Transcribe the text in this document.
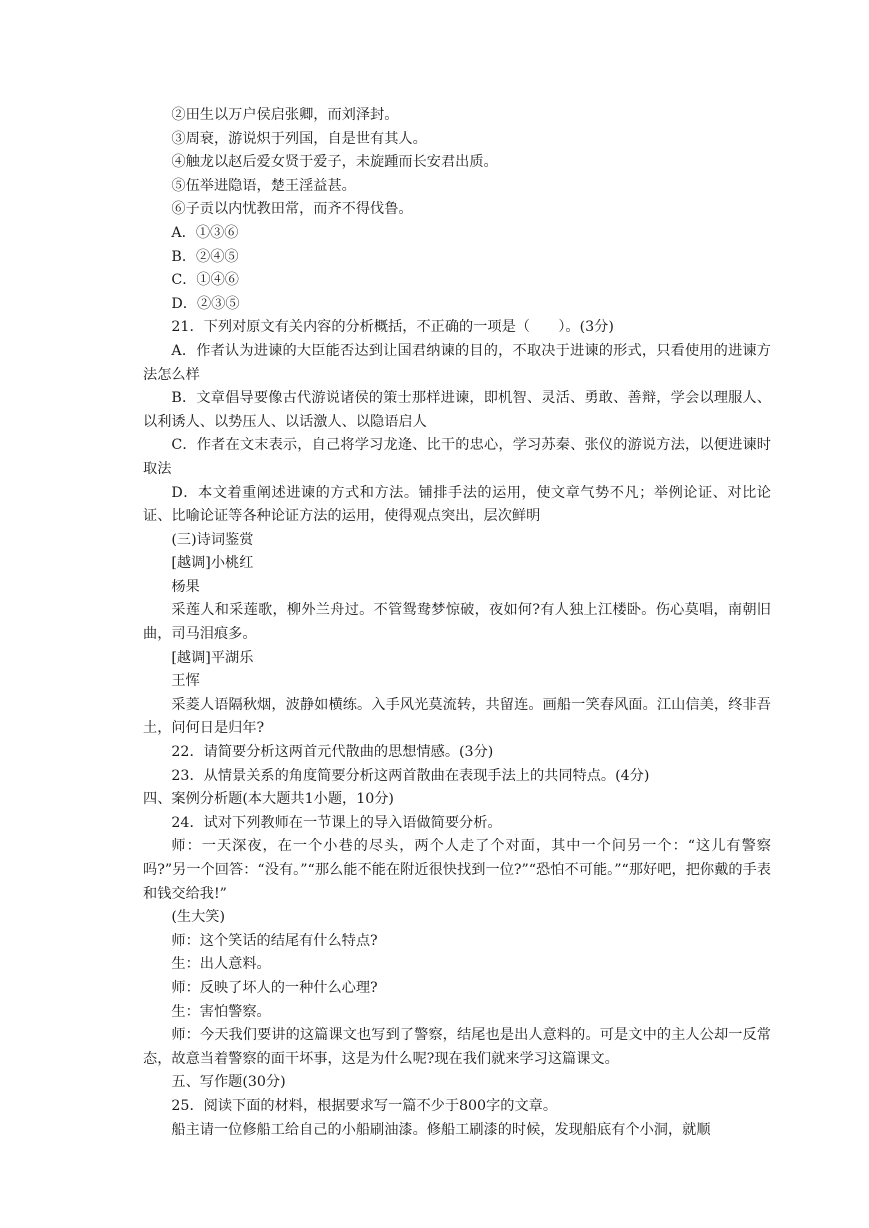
②田生以万户侯启张卿，而刘泽封。

③周衰，游说炽于列国，自是世有其人。

④触龙以赵后爱女贤于爱子，未旋踵而长安君出质。

⑤伍举进隐语，楚王淫益甚。

⑥子贡以内忧教田常，而齐不得伐鲁。

A．①③⑥

B．②④⑤

C．①④⑥

D．②③⑤

21．下列对原文有关内容的分析概括，不正确的一项是（　　）。(3分)

A．作者认为进谏的大臣能否达到让国君纳谏的目的，不取决于进谏的形式，只看使用的进谏方法怎么样

B．文章倡导要像古代游说诸侯的策士那样进谏，即机智、灵活、勇敢、善辩，学会以理服人、以利诱人、以势压人、以话激人、以隐语启人

C．作者在文末表示，自己将学习龙逄、比干的忠心，学习苏秦、张仪的游说方法，以便进谏时取法

D．本文着重阐述进谏的方式和方法。铺排手法的运用，使文章气势不凡；举例论证、对比论证、比喻论证等各种论证方法的运用，使得观点突出，层次鲜明

(三)诗词鉴赏

[越调]小桃红

杨果

采莲人和采莲歌，柳外兰舟过。不管鸳鸯梦惊破，夜如何?有人独上江楼卧。伤心莫唱，南朝旧曲，司马泪痕多。

[越调]平湖乐

王恽

采菱人语隔秋烟，波静如横练。入手风光莫流转，共留连。画船一笑春风面。江山信美，终非吾土，问何日是归年?

22．请简要分析这两首元代散曲的思想情感。(3分)

23．从情景关系的角度简要分析这两首散曲在表现手法上的共同特点。(4分)

四、案例分析题(本大题共1小题，10分)

24．试对下列教师在一节课上的导入语做简要分析。

师：一天深夜，在一个小巷的尽头，两个人走了个对面，其中一个问另一个：“这儿有警察吗?”另一个回答：“没有。”“那么能不能在附近很快找到一位?”“恐怕不可能。”“那好吧，把你戴的手表和钱交给我!”

(生大笑)

师：这个笑话的结尾有什么特点?

生：出人意料。

师：反映了坏人的一种什么心理?

生：害怕警察。

师：今天我们要讲的这篇课文也写到了警察，结尾也是出人意料的。可是文中的主人公却一反常态，故意当着警察的面干坏事，这是为什么呢?现在我们就来学习这篇课文。

五、写作题(30分)

25．阅读下面的材料，根据要求写一篇不少于800字的文章。

船主请一位修船工给自己的小船刷油漆。修船工刷漆的时候，发现船底有个小洞，就顺
